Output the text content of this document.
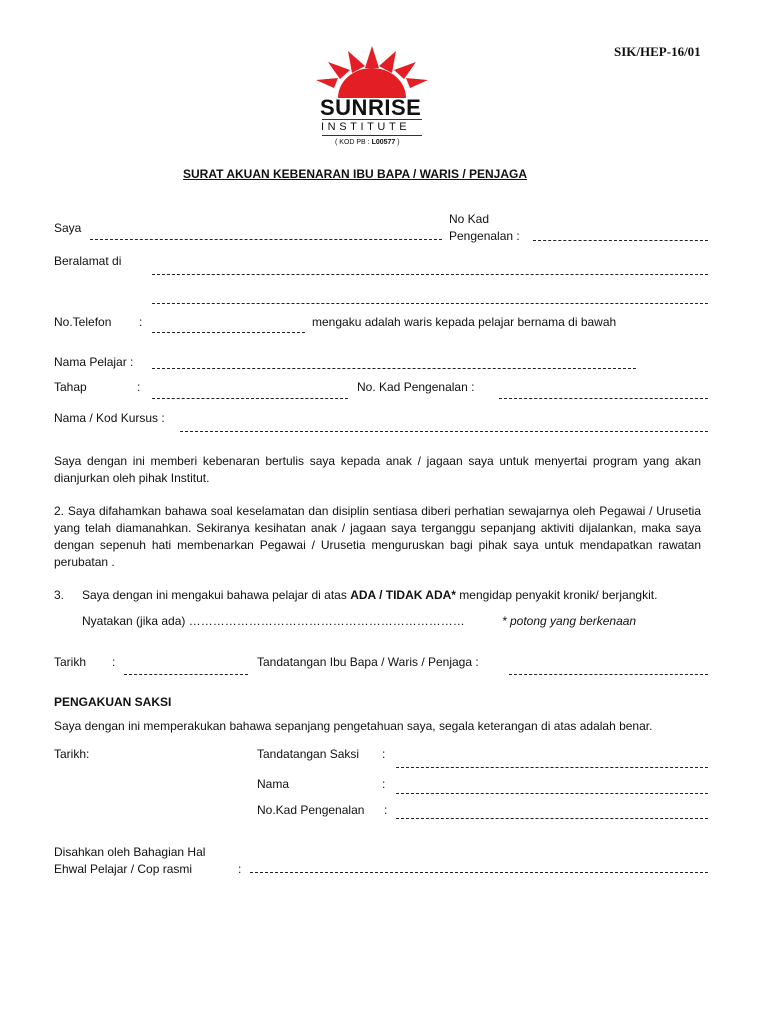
SIK/HEP-16/01
SUNRISE
INSTITUTE
( KOD PB : L00577 )
SURAT AKUAN KEBENARAN IBU BAPA / WARIS / PENJAGA
Saya
No Kad
Pengenalan :
Beralamat di
No.Telefon :	mengaku adalah waris kepada pelajar bernama di bawah
Nama Pelajar :
Tahap	:	No. Kad Pengenalan :
Nama / Kod Kursus :
Saya dengan ini memberi kebenaran bertulis saya kepada anak / jagaan saya untuk menyertai program yang akan dianjurkan oleh pihak Institut.
2. Saya difahamkan bahawa soal keselamatan dan disiplin sentiasa diberi perhatian sewajarnya oleh Pegawai / Urusetia yang telah diamanahkan. Sekiranya kesihatan anak / jagaan saya terganggu sepanjang aktiviti dijalankan, maka saya dengan sepenuh hati membenarkan Pegawai / Urusetia menguruskan bagi pihak saya untuk mendapatkan rawatan perubatan .
3. Saya dengan ini mengakui bahawa pelajar di atas ADA / TIDAK ADA* mengidap penyakit kronik/ berjangkit.
Nyatakan (jika ada) ……………………………………………………………	* potong yang berkenaan
Tarikh :	Tandatangan Ibu Bapa / Waris / Penjaga :
PENGAKUAN SAKSI
Saya dengan ini memperakukan bahawa sepanjang pengetahuan saya, segala keterangan di atas adalah benar.
Tarikh:	Tandatangan Saksi :
Nama	:
No.Kad Pengenalan :
Disahkan oleh Bahagian Hal
Ehwal Pelajar / Cop rasmi	:
